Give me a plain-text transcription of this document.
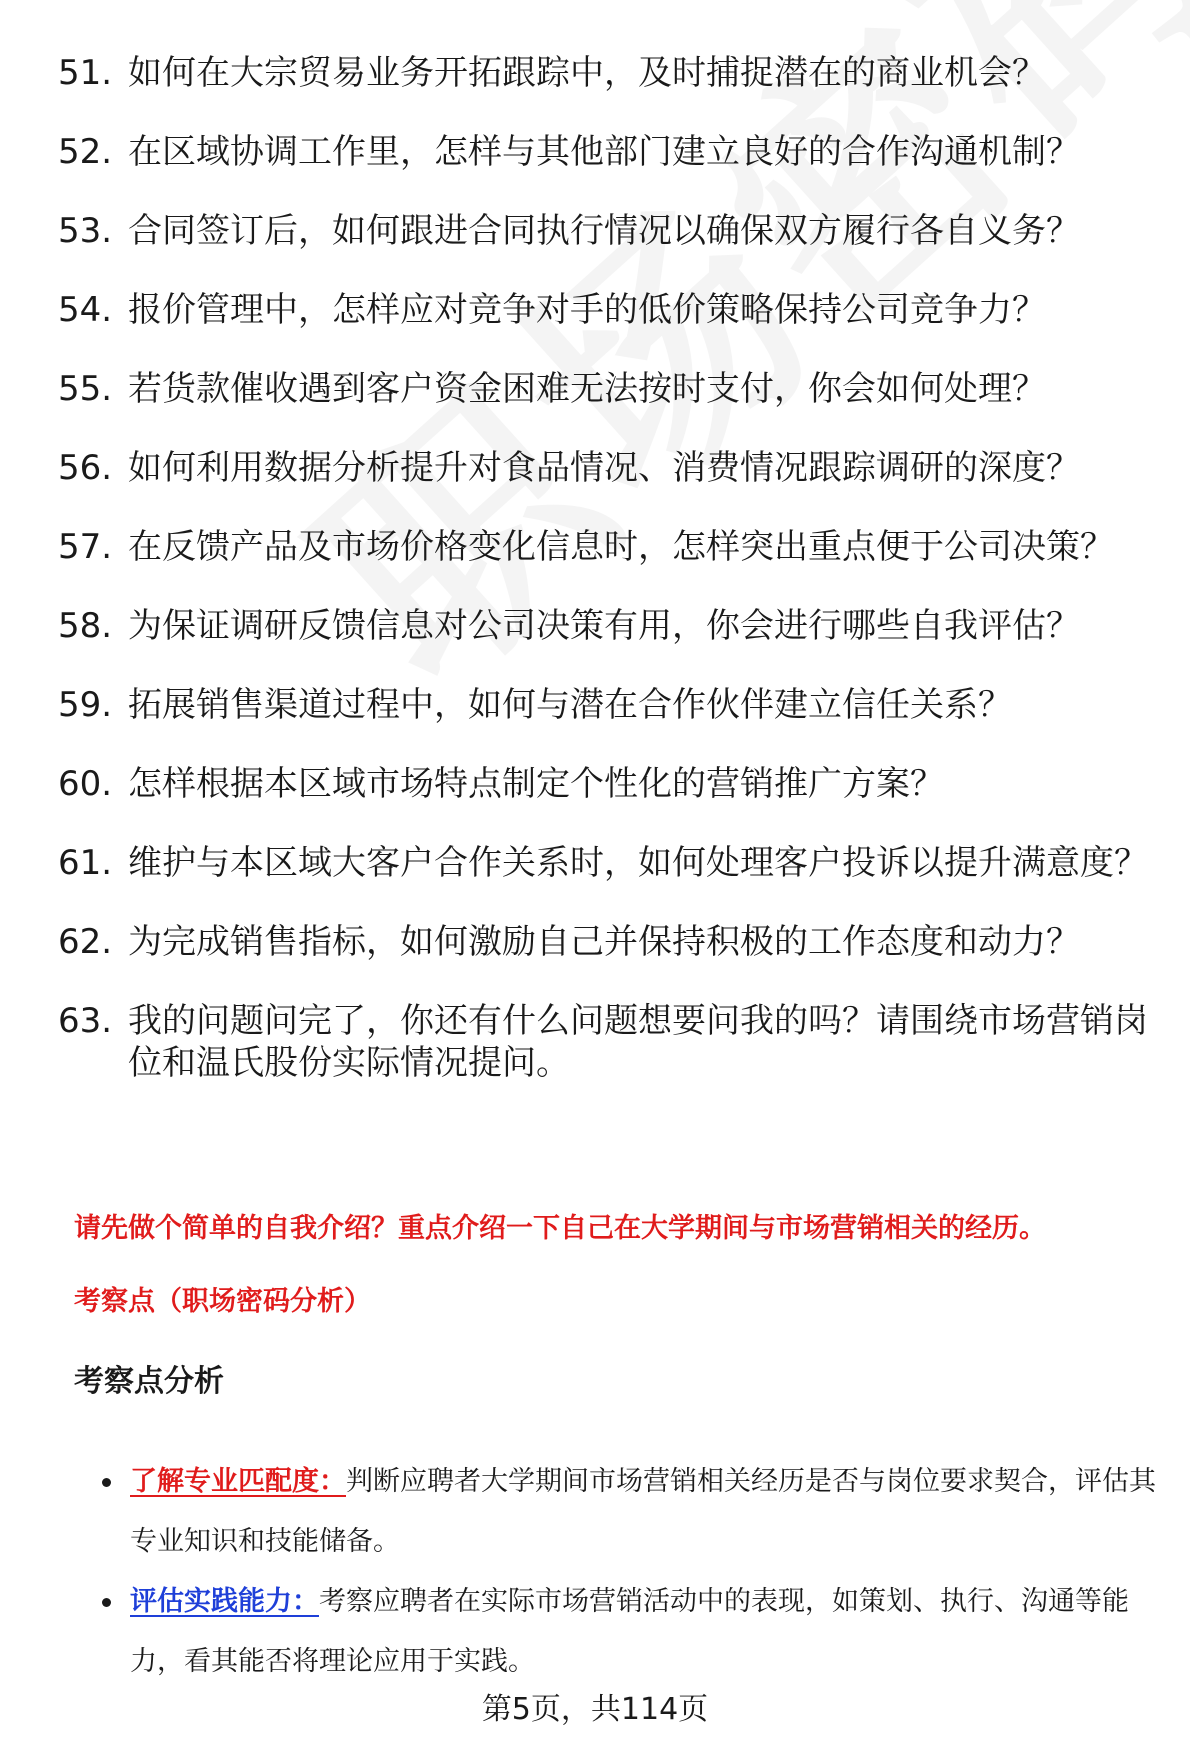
51. 如何在大宗贸易业务开拓跟踪中，及时捕捉潜在的商业机会？
52. 在区域协调工作里，怎样与其他部门建立良好的合作沟通机制？
53. 合同签订后，如何跟进合同执行情况以确保双方履行各自义务？
54. 报价管理中，怎样应对竞争对手的低价策略保持公司竞争力？
55. 若货款催收遇到客户资金困难无法按时支付，你会如何处理？
56. 如何利用数据分析提升对食品情况、消费情况跟踪调研的深度？
57. 在反馈产品及市场价格变化信息时，怎样突出重点便于公司决策？
58. 为保证调研反馈信息对公司决策有用，你会进行哪些自我评估？
59. 拓展销售渠道过程中，如何与潜在合作伙伴建立信任关系？
60. 怎样根据本区域市场特点制定个性化的营销推广方案？
61. 维护与本区域大客户合作关系时，如何处理客户投诉以提升满意度？
62. 为完成销售指标，如何激励自己并保持积极的工作态度和动力？
63. 我的问题问完了，你还有什么问题想要问我的吗？请围绕市场营销岗位和温氏股份实际情况提问。
请先做个简单的自我介绍？重点介绍一下自己在大学期间与市场营销相关的经历。
考察点（职场密码分析）
考察点分析
了解专业匹配度：判断应聘者大学期间市场营销相关经历是否与岗位要求契合，评估其专业知识和技能储备。
评估实践能力：考察应聘者在实际市场营销活动中的表现，如策划、执行、沟通等能力，看其能否将理论应用于实践。
第5页，共114页
